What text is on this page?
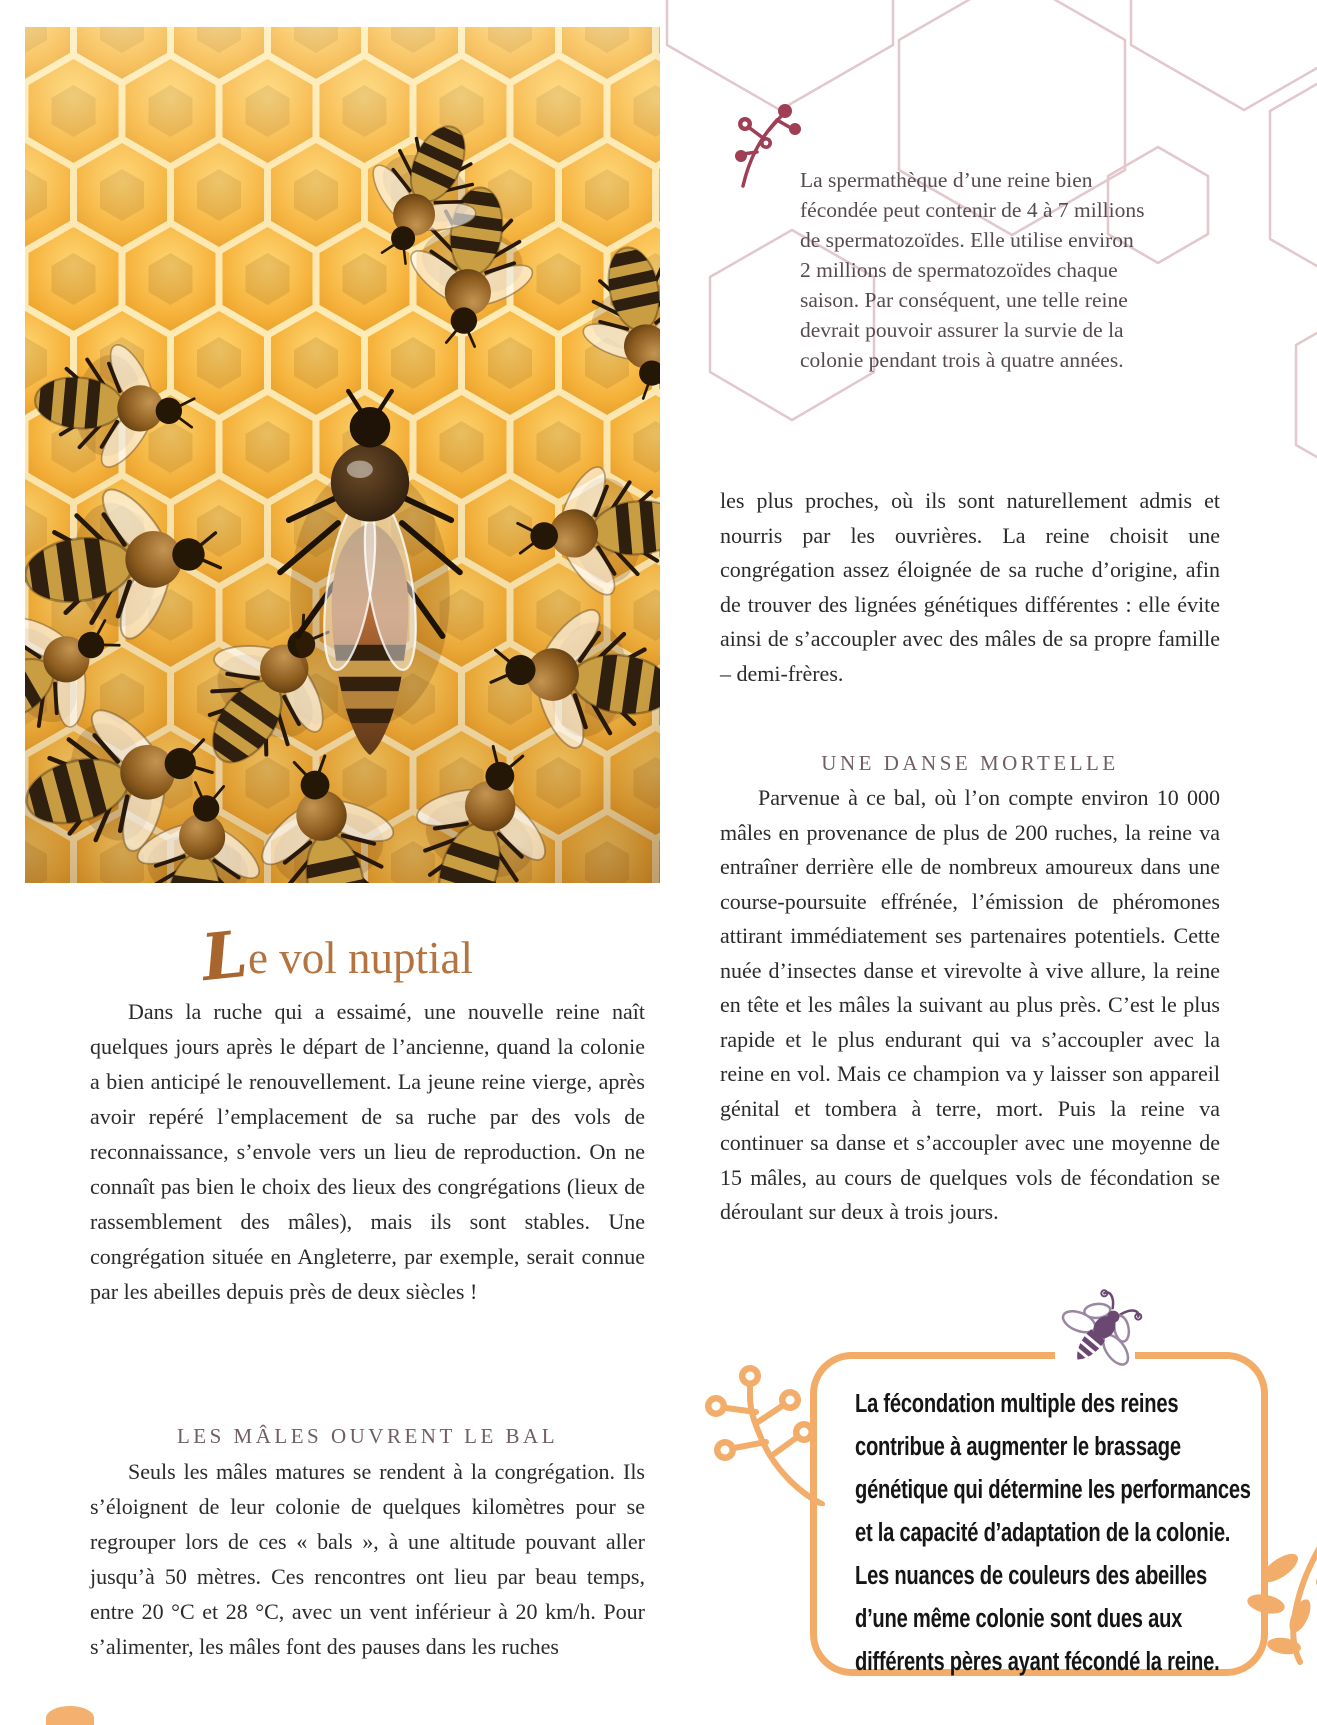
La spermathèque d’une reine bien
fécondée peut contenir de 4 à 7 millions
de spermatozoïdes. Elle utilise environ
2 millions de spermatozoïdes chaque
saison. Par conséquent, une telle reine
devrait pouvoir assurer la survie de la
colonie pendant trois à quatre années.
Le vol nuptial

Dans la ruche qui a essaimé, une nouvelle reine naît quelques jours après le départ de l’ancienne, quand la colonie a bien anticipé le renouvellement. La jeune reine vierge, après avoir repéré l’emplacement de sa ruche par des vols de reconnaissance, s’envole vers un lieu de reproduction. On ne connaît pas bien le choix des lieux des congrégations (lieux de rassemblement des mâles), mais ils sont stables. Une congrégation située en Angleterre, par exemple, serait connue par les abeilles depuis près de deux siècles !

LES MÂLES OUVRENT LE BAL

Seuls les mâles matures se rendent à la congrégation. Ils s’éloignent de leur colonie de quelques kilomètres pour se regrouper lors de ces « bals », à une altitude pouvant aller jusqu’à 50 mètres. Ces rencontres ont lieu par beau temps, entre 20 °C et 28 °C, avec un vent inférieur à 20 km/h. Pour s’alimenter, les mâles font des pauses dans les ruches

les plus proches, où ils sont naturellement admis et nourris par les ouvrières. La reine choisit une congrégation assez éloignée de sa ruche d’origine, afin de trouver des lignées génétiques différentes : elle évite ainsi de s’accoupler avec des mâles de sa propre famille – demi-frères.

UNE DANSE MORTELLE

Parvenue à ce bal, où l’on compte environ 10 000 mâles en provenance de plus de 200 ruches, la reine va entraîner derrière elle de nombreux amoureux dans une course-poursuite effrénée, l’émission de phéromones attirant immédiatement ses partenaires potentiels. Cette nuée d’insectes danse et virevolte à vive allure, la reine en tête et les mâles la suivant au plus près. C’est le plus rapide et le plus endurant qui va s’accoupler avec la reine en vol. Mais ce champion va y laisser son appareil génital et tombera à terre, mort. Puis la reine va continuer sa danse et s’accoupler avec une moyenne de 15 mâles, au cours de quelques vols de fécondation se déroulant sur deux à trois jours.

La fécondation multiple des reines
contribue à augmenter le brassage
génétique qui détermine les performances
et la capacité d’adaptation de la colonie.
Les nuances de couleurs des abeilles
d’une même colonie sont dues aux
différents pères ayant fécondé la reine.
